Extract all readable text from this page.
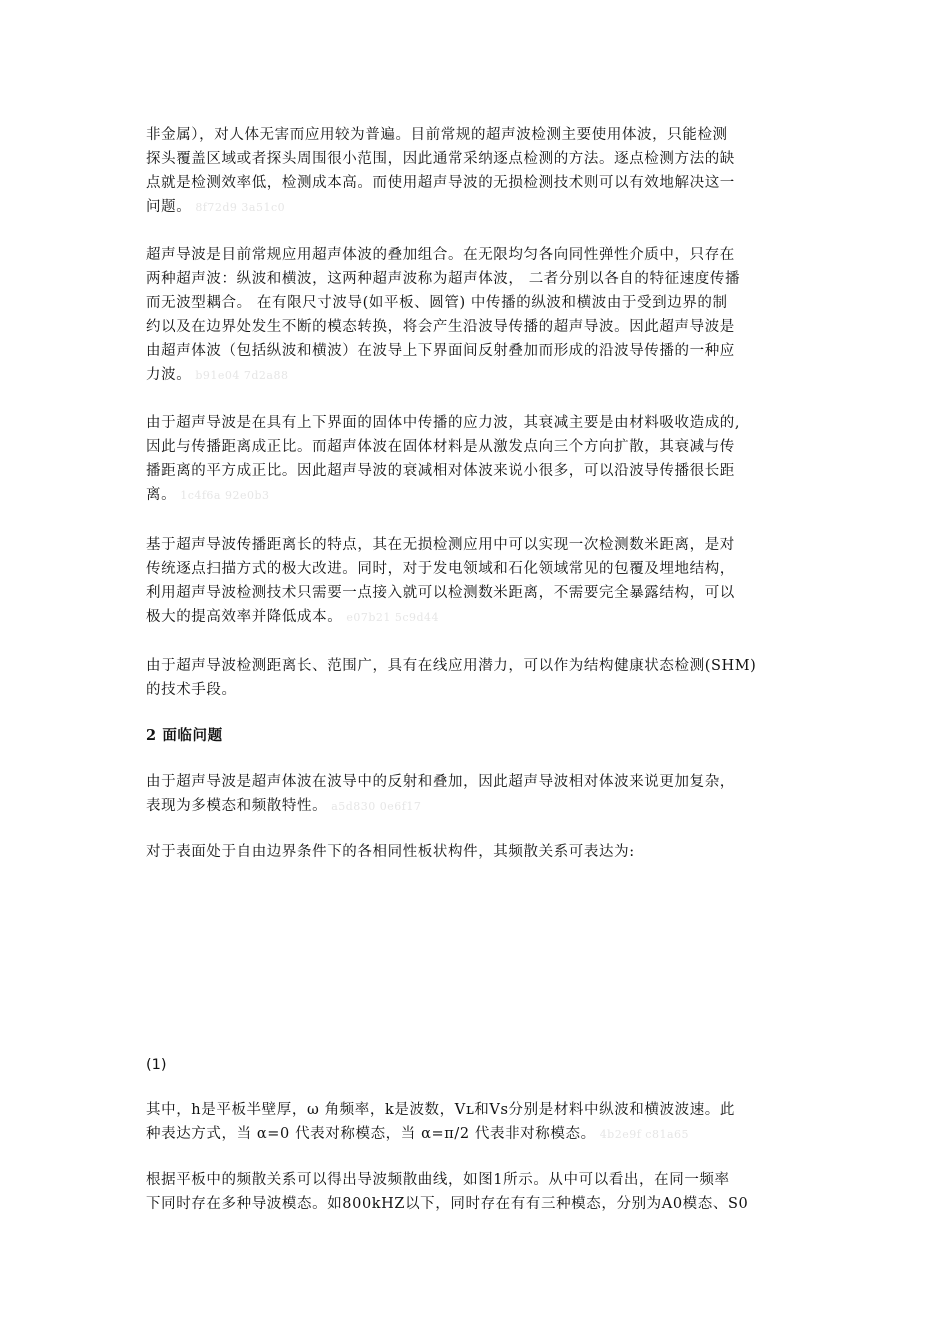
非金属），对人体无害而应用较为普遍。目前常规的超声波检测主要使用体波，只能检测
探头覆盖区域或者探头周围很小范围，因此通常采纳逐点检测的方法。逐点检测方法的缺
点就是检测效率低，检测成本高。而使用超声导波的无损检测技术则可以有效地解决这一
问题。 8f72d9 3a51c0

超声导波是目前常规应用超声体波的叠加组合。在无限均匀各向同性弹性介质中，只存在
两种超声波：纵波和横波，这两种超声波称为超声体波， 二者分别以各自的特征速度传播
而无波型耦合。 在有限尺寸波导(如平板、圆管) 中传播的纵波和横波由于受到边界的制
约以及在边界处发生不断的模态转换，将会产生沿波导传播的超声导波。因此超声导波是
由超声体波（包括纵波和横波）在波导上下界面间反射叠加而形成的沿波导传播的一种应
力波。 b91e04 7d2a88

由于超声导波是在具有上下界面的固体中传播的应力波，其衰减主要是由材料吸收造成的,
因此与传播距离成正比。而超声体波在固体材料是从激发点向三个方向扩散，其衰减与传
播距离的平方成正比。因此超声导波的衰减相对体波来说小很多，可以沿波导传播很长距
离。 1c4f6a 92e0b3

基于超声导波传播距离长的特点，其在无损检测应用中可以实现一次检测数米距离，是对
传统逐点扫描方式的极大改进。同时，对于发电领域和石化领域常见的包覆及埋地结构，
利用超声导波检测技术只需要一点接入就可以检测数米距离，不需要完全暴露结构，可以
极大的提高效率并降低成本。 e07b21 5c9d44

由于超声导波检测距离长、范围广，具有在线应用潜力，可以作为结构健康状态检测(SHM)
的技术手段。

2 面临问题

由于超声导波是超声体波在波导中的反射和叠加，因此超声导波相对体波来说更加复杂，
表现为多模态和频散特性。 a5d830 0e6f17

对于表面处于自由边界条件下的各相同性板状构件，其频散关系可表达为:

(1)

其中，h是平板半壁厚，ω 角频率，k是波数，Vʟ和Vꜱ分别是材料中纵波和横波波速。此
种表达方式，当 α=0 代表对称模态，当 α=π/2 代表非对称模态。 4b2e9f c81a65

根据平板中的频散关系可以得出导波频散曲线，如图1所示。从中可以看出，在同一频率
下同时存在多种导波模态。如800kHZ以下，同时存在有有三种模态，分别为A0模态、S0
